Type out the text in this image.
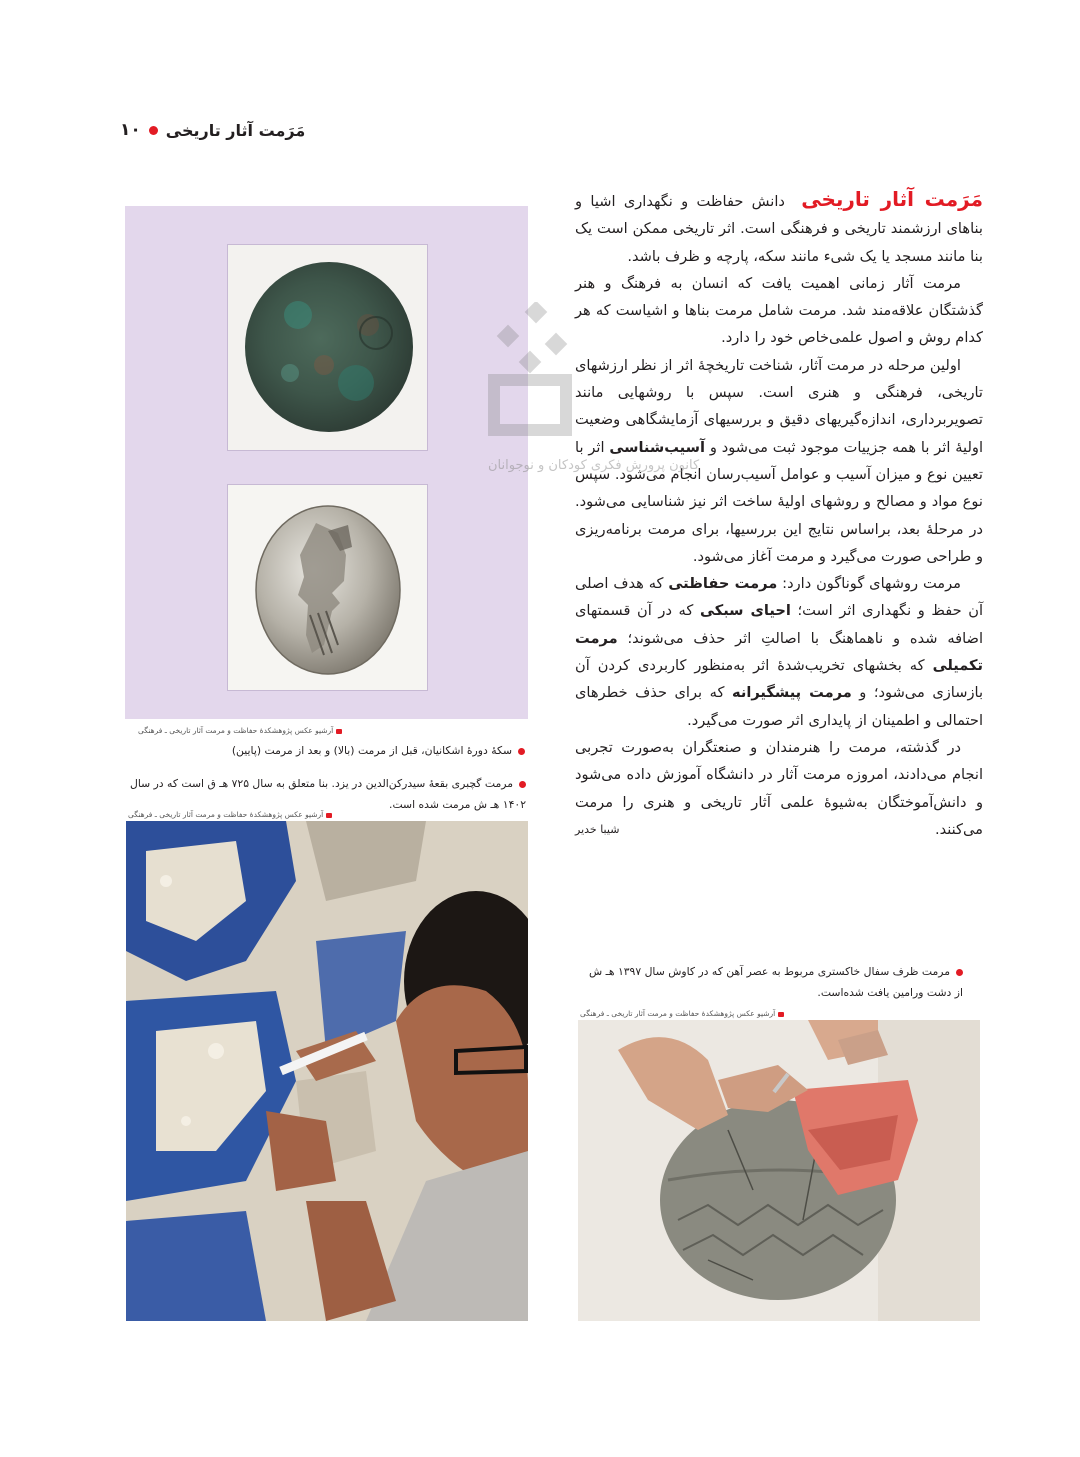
مَرَمت آثار تاریخی
۱۰
آرشیو عکس پژوهشکدهٔ حفاظت و مرمت آثار تاریخی ـ فرهنگی
سکهٔ دورهٔ اشکانیان، قبل از مرمت (بالا) و بعد از مرمت (پایین)
مرمت گچبری بقعهٔ سیدرکن‌الدین در یزد. بنا متعلق به سال ۷۲۵ هـ ق است که در سال ۱۴۰۲ هـ ش مرمت شده است.
آرشیو عکس پژوهشکدهٔ حفاظت و مرمت آثار تاریخی ـ فرهنگی

مَرَمت آثار تاریخی دانش حفاظت و نگهداری اشیا و بناهای ارزشمند تاریخی و فرهنگی است. اثر تاریخی ممکن است یک بنا مانند مسجد یا یک شیء مانند سکه، پارچه و ظرف باشد.

مرمت آثار زمانی اهمیت یافت که انسان به فرهنگ و هنر گذشتگان علاقه‌مند شد. مرمت شامل مرمت بناها و اشیاست که هر کدام روش و اصول علمی‌خاص خود را دارد.

اولین مرحله در مرمت آثار، شناخت تاریخچهٔ اثر از نظر ارزشهای تاریخی، فرهنگی و هنری است. سپس با روشهایی مانند تصویربرداری، اندازه‌گیریهای دقیق و بررسیهای آزمایشگاهی وضعیت اولیهٔ اثر با همه جزییات موجود ثبت می‌شود و آسیب‌شناسی اثر با تعیین نوع و میزان آسیب و عوامل آسیب‌رسان انجام می‌شود. سپس نوع مواد و مصالح و روشهای اولیهٔ ساخت اثر نیز شناسایی می‌شود. در مرحلهٔ بعد، براساس نتایج این بررسیها، برای مرمت برنامه‌ریزی و طراحی صورت می‌گیرد و مرمت آغاز می‌شود.

مرمت روشهای گوناگون دارد: مرمت حفاظتی که هدف اصلی آن حفظ و نگهداری اثر است؛ احیای سبکی که در آن قسمتهای اضافه شده و ناهماهنگ با اصالتِ اثر حذف می‌شوند؛ مرمت تکمیلی که بخشهای تخریب‌شدهٔ اثر به‌منظور کاربردی کردن آن بازسازی می‌شود؛ و مرمت پیشگیرانه که برای حذف خطرهای احتمالی و اطمینان از پایداری اثر صورت می‌گیرد.

در گذشته، مرمت را هنرمندان و صنعتگران به‌صورت تجربی انجام می‌دادند، امروزه مرمت آثار در دانشگاه آموزش داده می‌شود و دانش‌آموختگان به‌شیوهٔ علمی آثار تاریخی و هنری را مرمت می‌کنند.

شیبا خدیر
کانون پرورش فکری کودکان و نوجوانان
مرمت ظرف سفال خاکستری مربوط به عصر آهن که در کاوش سال ۱۳۹۷ هـ ش از دشت ورامین یافت شده‌است.
آرشیو عکس پژوهشکدهٔ حفاظت و مرمت آثار تاریخی ـ فرهنگی
